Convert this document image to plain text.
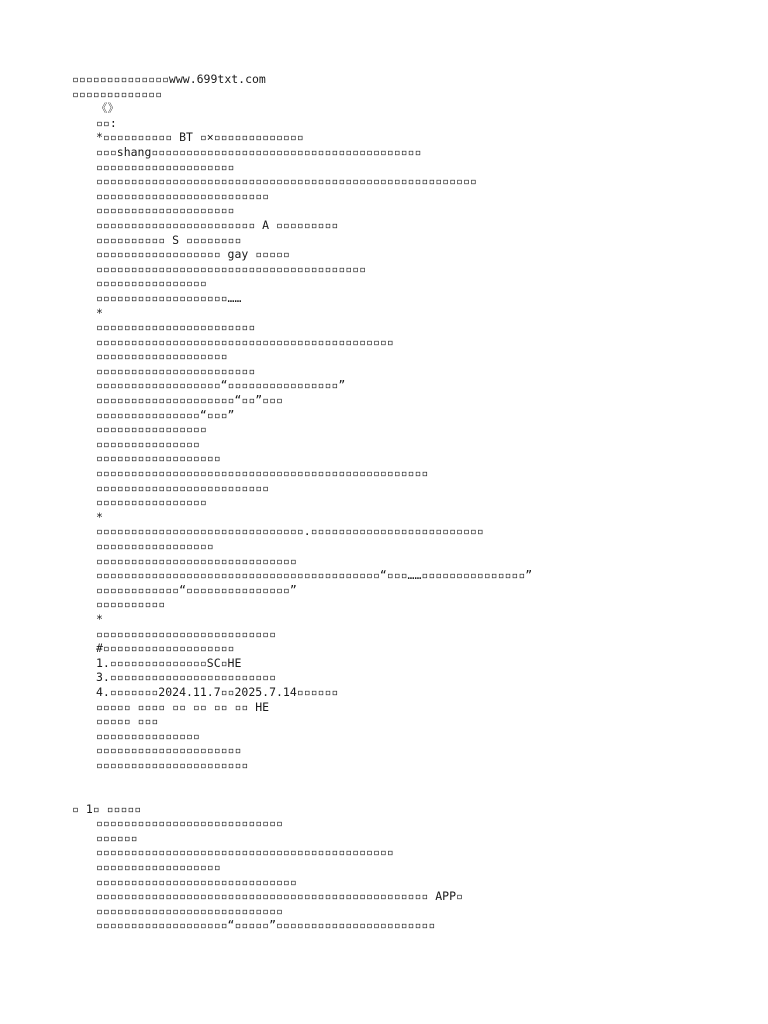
▫▫▫▫▫▫▫▫▫▫▫▫▫▫www.699txt.com
▫▫▫▫▫▫▫▫▫▫▫▫▫
《》
▫▫:
*▫▫▫▫▫▫▫▫▫▫ BT ▫×▫▫▫▫▫▫▫▫▫▫▫▫▫
▫▫▫shang▫▫▫▫▫▫▫▫▫▫▫▫▫▫▫▫▫▫▫▫▫▫▫▫▫▫▫▫▫▫▫▫▫▫▫▫▫▫▫
▫▫▫▫▫▫▫▫▫▫▫▫▫▫▫▫▫▫▫▫
▫▫▫▫▫▫▫▫▫▫▫▫▫▫▫▫▫▫▫▫▫▫▫▫▫▫▫▫▫▫▫▫▫▫▫▫▫▫▫▫▫▫▫▫▫▫▫▫▫▫▫▫▫▫▫
▫▫▫▫▫▫▫▫▫▫▫▫▫▫▫▫▫▫▫▫▫▫▫▫▫
▫▫▫▫▫▫▫▫▫▫▫▫▫▫▫▫▫▫▫▫
▫▫▫▫▫▫▫▫▫▫▫▫▫▫▫▫▫▫▫▫▫▫▫ A ▫▫▫▫▫▫▫▫▫
▫▫▫▫▫▫▫▫▫▫ S ▫▫▫▫▫▫▫▫
▫▫▫▫▫▫▫▫▫▫▫▫▫▫▫▫▫▫ gay ▫▫▫▫▫
▫▫▫▫▫▫▫▫▫▫▫▫▫▫▫▫▫▫▫▫▫▫▫▫▫▫▫▫▫▫▫▫▫▫▫▫▫▫▫
▫▫▫▫▫▫▫▫▫▫▫▫▫▫▫▫
▫▫▫▫▫▫▫▫▫▫▫▫▫▫▫▫▫▫▫……
*
▫▫▫▫▫▫▫▫▫▫▫▫▫▫▫▫▫▫▫▫▫▫▫
▫▫▫▫▫▫▫▫▫▫▫▫▫▫▫▫▫▫▫▫▫▫▫▫▫▫▫▫▫▫▫▫▫▫▫▫▫▫▫▫▫▫▫
▫▫▫▫▫▫▫▫▫▫▫▫▫▫▫▫▫▫▫
▫▫▫▫▫▫▫▫▫▫▫▫▫▫▫▫▫▫▫▫▫▫▫
▫▫▫▫▫▫▫▫▫▫▫▫▫▫▫▫▫▫“▫▫▫▫▫▫▫▫▫▫▫▫▫▫▫▫”
▫▫▫▫▫▫▫▫▫▫▫▫▫▫▫▫▫▫▫▫“▫▫”▫▫▫
▫▫▫▫▫▫▫▫▫▫▫▫▫▫▫“▫▫▫”
▫▫▫▫▫▫▫▫▫▫▫▫▫▫▫▫
▫▫▫▫▫▫▫▫▫▫▫▫▫▫▫
▫▫▫▫▫▫▫▫▫▫▫▫▫▫▫▫▫▫
▫▫▫▫▫▫▫▫▫▫▫▫▫▫▫▫▫▫▫▫▫▫▫▫▫▫▫▫▫▫▫▫▫▫▫▫▫▫▫▫▫▫▫▫▫▫▫▫
▫▫▫▫▫▫▫▫▫▫▫▫▫▫▫▫▫▫▫▫▫▫▫▫▫
▫▫▫▫▫▫▫▫▫▫▫▫▫▫▫▫
*
▫▫▫▫▫▫▫▫▫▫▫▫▫▫▫▫▫▫▫▫▫▫▫▫▫▫▫▫▫▫.▫▫▫▫▫▫▫▫▫▫▫▫▫▫▫▫▫▫▫▫▫▫▫▫▫
▫▫▫▫▫▫▫▫▫▫▫▫▫▫▫▫▫
▫▫▫▫▫▫▫▫▫▫▫▫▫▫▫▫▫▫▫▫▫▫▫▫▫▫▫▫▫
▫▫▫▫▫▫▫▫▫▫▫▫▫▫▫▫▫▫▫▫▫▫▫▫▫▫▫▫▫▫▫▫▫▫▫▫▫▫▫▫▫“▫▫▫……▫▫▫▫▫▫▫▫▫▫▫▫▫▫▫”
▫▫▫▫▫▫▫▫▫▫▫▫“▫▫▫▫▫▫▫▫▫▫▫▫▫▫▫”
▫▫▫▫▫▫▫▫▫▫
*
▫▫▫▫▫▫▫▫▫▫▫▫▫▫▫▫▫▫▫▫▫▫▫▫▫▫
#▫▫▫▫▫▫▫▫▫▫▫▫▫▫▫▫▫▫▫
1.▫▫▫▫▫▫▫▫▫▫▫▫▫▫SC▫HE
3.▫▫▫▫▫▫▫▫▫▫▫▫▫▫▫▫▫▫▫▫▫▫▫▫
4.▫▫▫▫▫▫▫2024.11.7▫▫2025.7.14▫▫▫▫▫▫
▫▫▫▫▫ ▫▫▫▫ ▫▫ ▫▫ ▫▫ ▫▫ HE
▫▫▫▫▫ ▫▫▫
▫▫▫▫▫▫▫▫▫▫▫▫▫▫▫
▫▫▫▫▫▫▫▫▫▫▫▫▫▫▫▫▫▫▫▫▫
▫▫▫▫▫▫▫▫▫▫▫▫▫▫▫▫▫▫▫▫▫▫
▫ 1▫ ▫▫▫▫▫
▫▫▫▫▫▫▫▫▫▫▫▫▫▫▫▫▫▫▫▫▫▫▫▫▫▫▫
▫▫▫▫▫▫
▫▫▫▫▫▫▫▫▫▫▫▫▫▫▫▫▫▫▫▫▫▫▫▫▫▫▫▫▫▫▫▫▫▫▫▫▫▫▫▫▫▫▫
▫▫▫▫▫▫▫▫▫▫▫▫▫▫▫▫▫▫
▫▫▫▫▫▫▫▫▫▫▫▫▫▫▫▫▫▫▫▫▫▫▫▫▫▫▫▫▫
▫▫▫▫▫▫▫▫▫▫▫▫▫▫▫▫▫▫▫▫▫▫▫▫▫▫▫▫▫▫▫▫▫▫▫▫▫▫▫▫▫▫▫▫▫▫▫▫ APP▫
▫▫▫▫▫▫▫▫▫▫▫▫▫▫▫▫▫▫▫▫▫▫▫▫▫▫▫
▫▫▫▫▫▫▫▫▫▫▫▫▫▫▫▫▫▫▫“▫▫▫▫▫”▫▫▫▫▫▫▫▫▫▫▫▫▫▫▫▫▫▫▫▫▫▫▫
